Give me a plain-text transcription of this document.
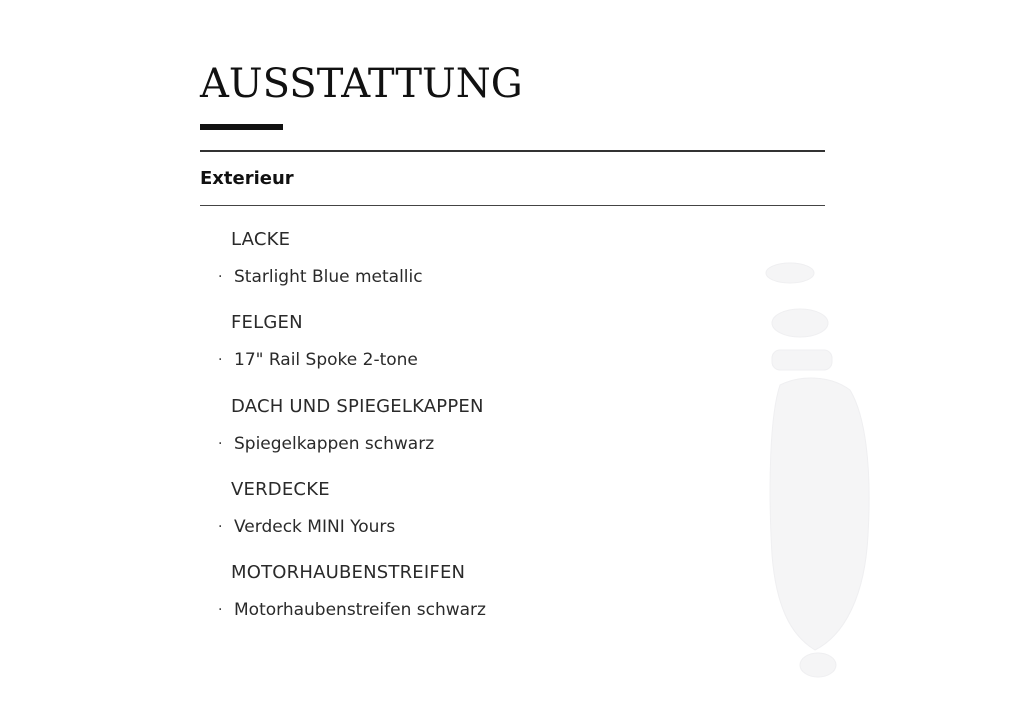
AUSSTATTUNG
Exterieur
LACKE
· Starlight Blue metallic
FELGEN
· 17" Rail Spoke 2-tone
DACH UND SPIEGELKAPPEN
· Spiegelkappen schwarz
VERDECKE
· Verdeck MINI Yours
MOTORHAUBENSTREIFEN
· Motorhaubenstreifen schwarz
